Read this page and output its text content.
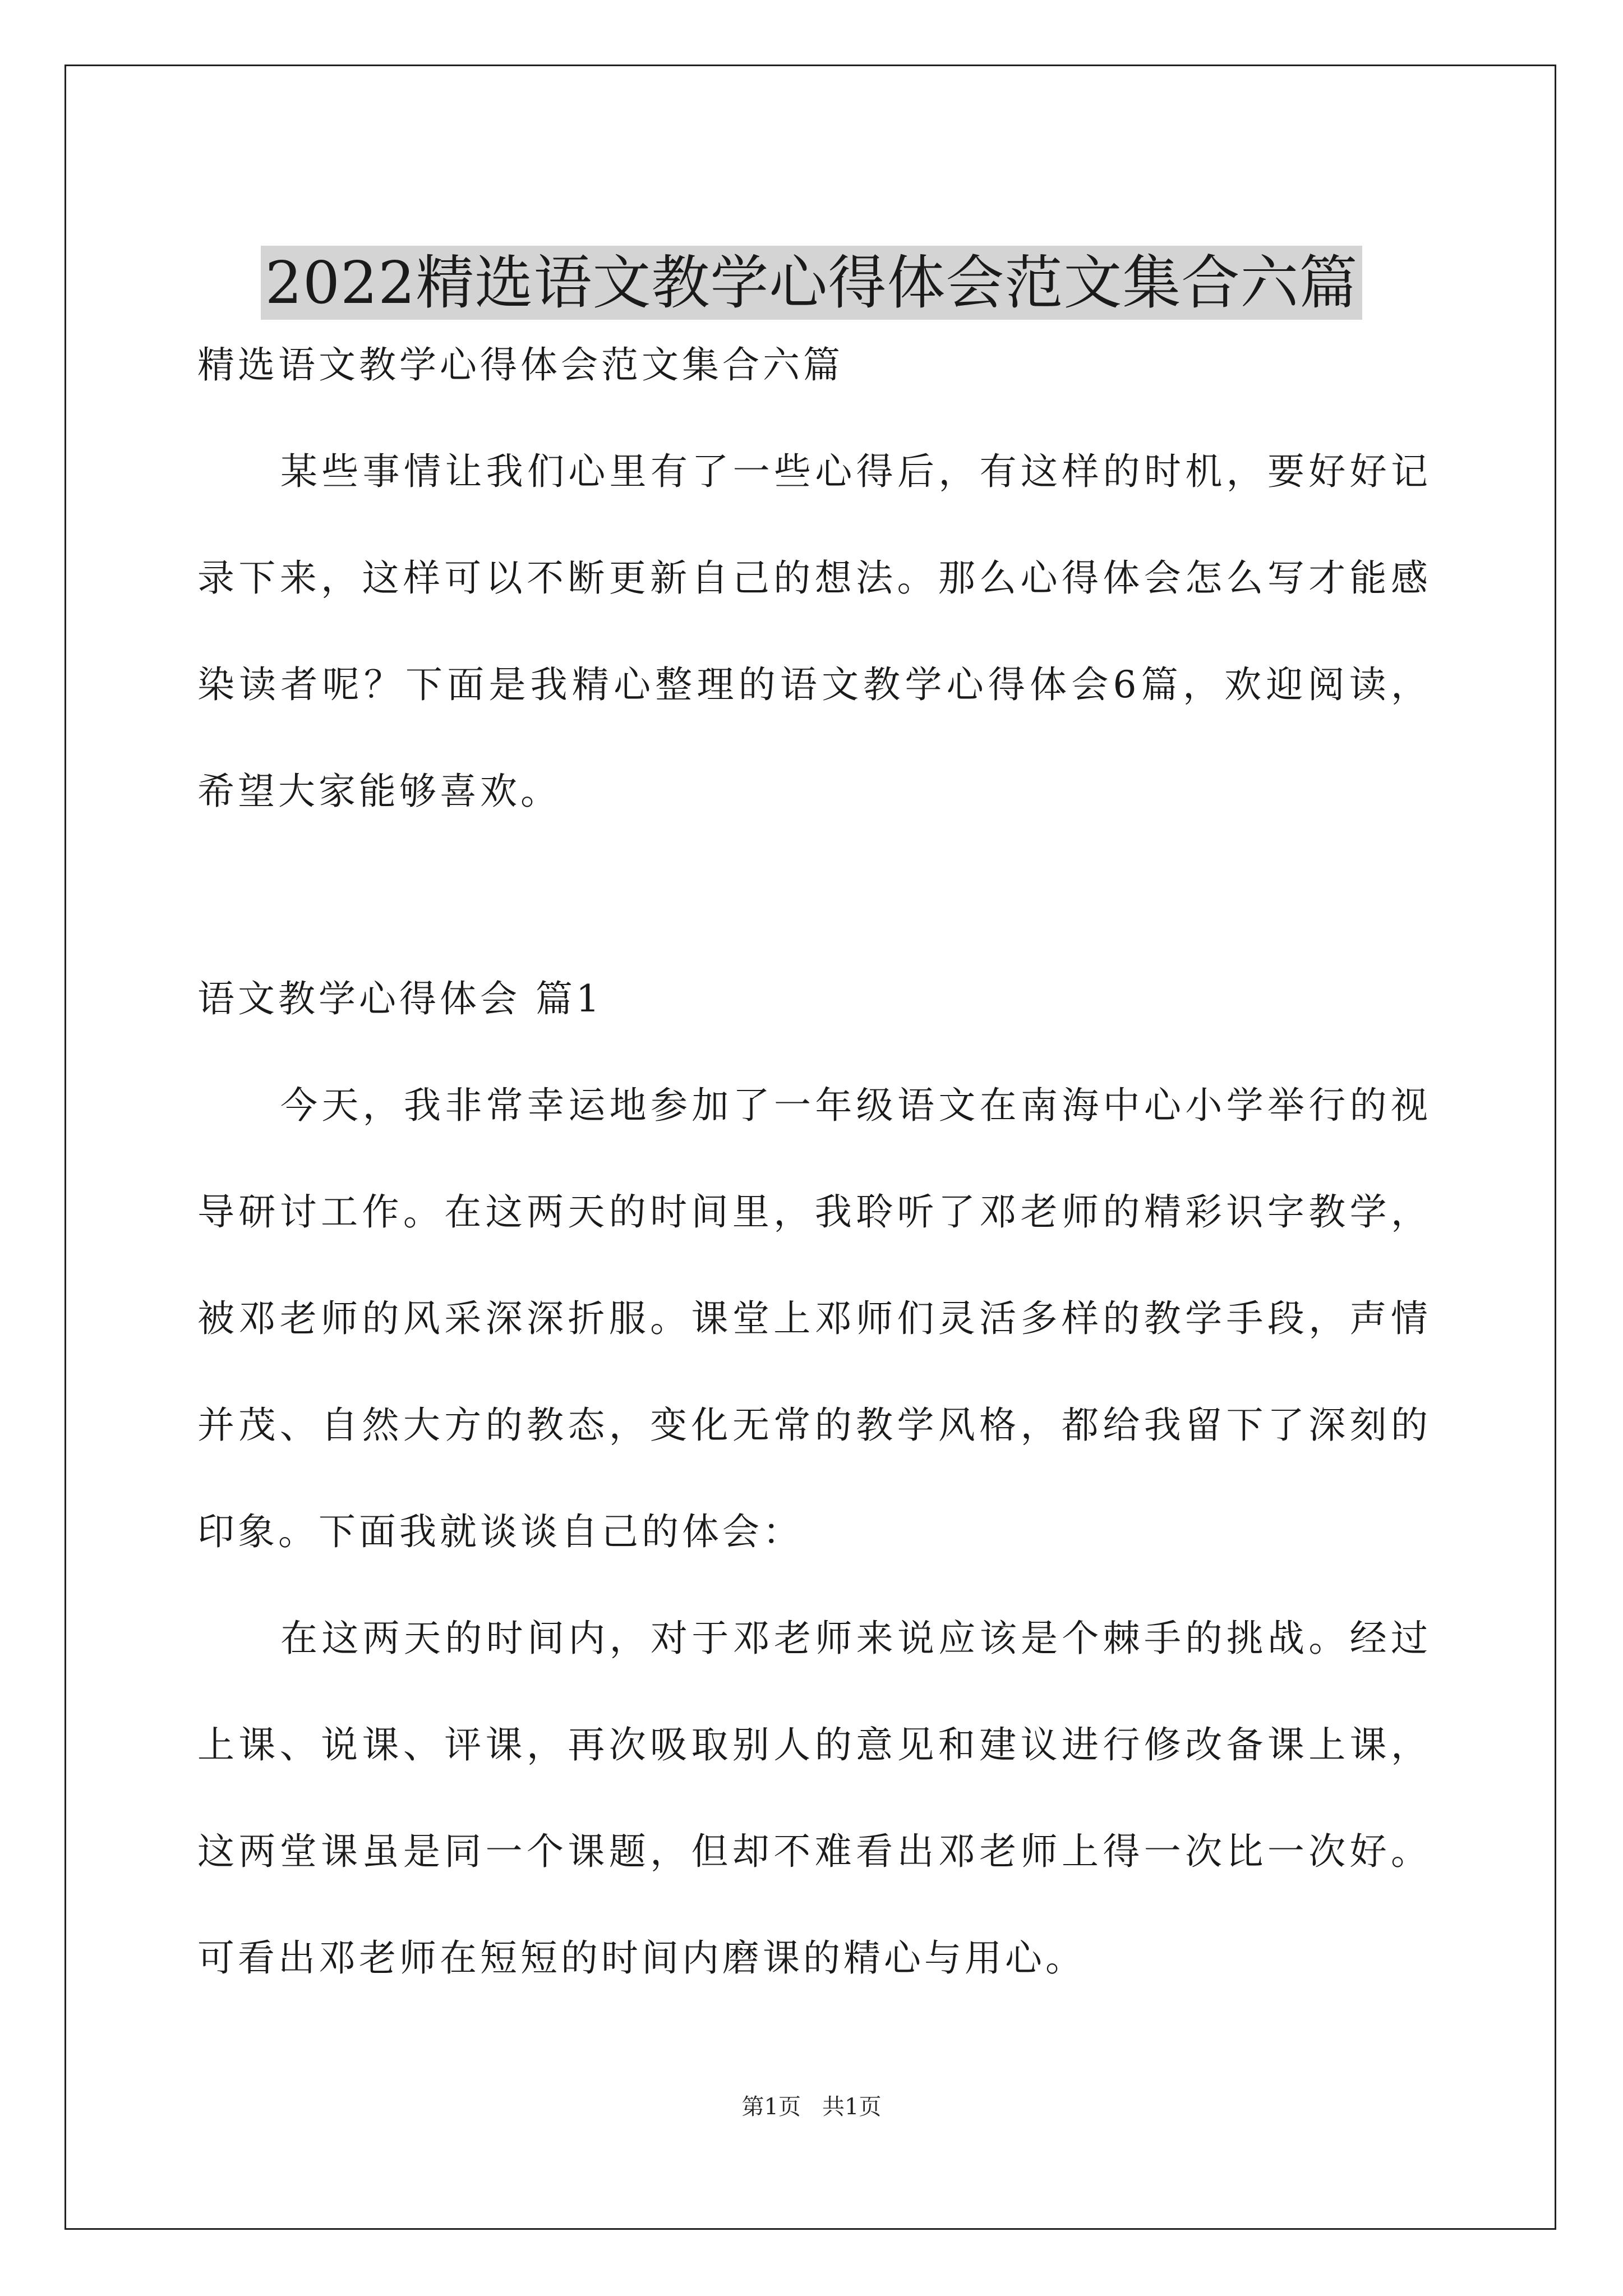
2022精选语文教学心得体会范文集合六篇

精选语文教学心得体会范文集合六篇

某些事情让我们心里有了一些心得后，有这样的时机，要好好记录下来，这样可以不断更新自己的想法。那么心得体会怎么写才能感染读者呢？下面是我精心整理的语文教学心得体会6篇，欢迎阅读，希望大家能够喜欢。

语文教学心得体会 篇1

今天，我非常幸运地参加了一年级语文在南海中心小学举行的视导研讨工作。在这两天的时间里，我聆听了邓老师的精彩识字教学，被邓老师的风采深深折服。课堂上邓师们灵活多样的教学手段，声情并茂、自然大方的教态，变化无常的教学风格，都给我留下了深刻的印象。下面我就谈谈自己的体会：

在这两天的时间内，对于邓老师来说应该是个棘手的挑战。经过上课、说课、评课，再次吸取别人的意见和建议进行修改备课上课，这两堂课虽是同一个课题，但却不难看出邓老师上得一次比一次好。可看出邓老师在短短的时间内磨课的精心与用心。

第1页 共1页
